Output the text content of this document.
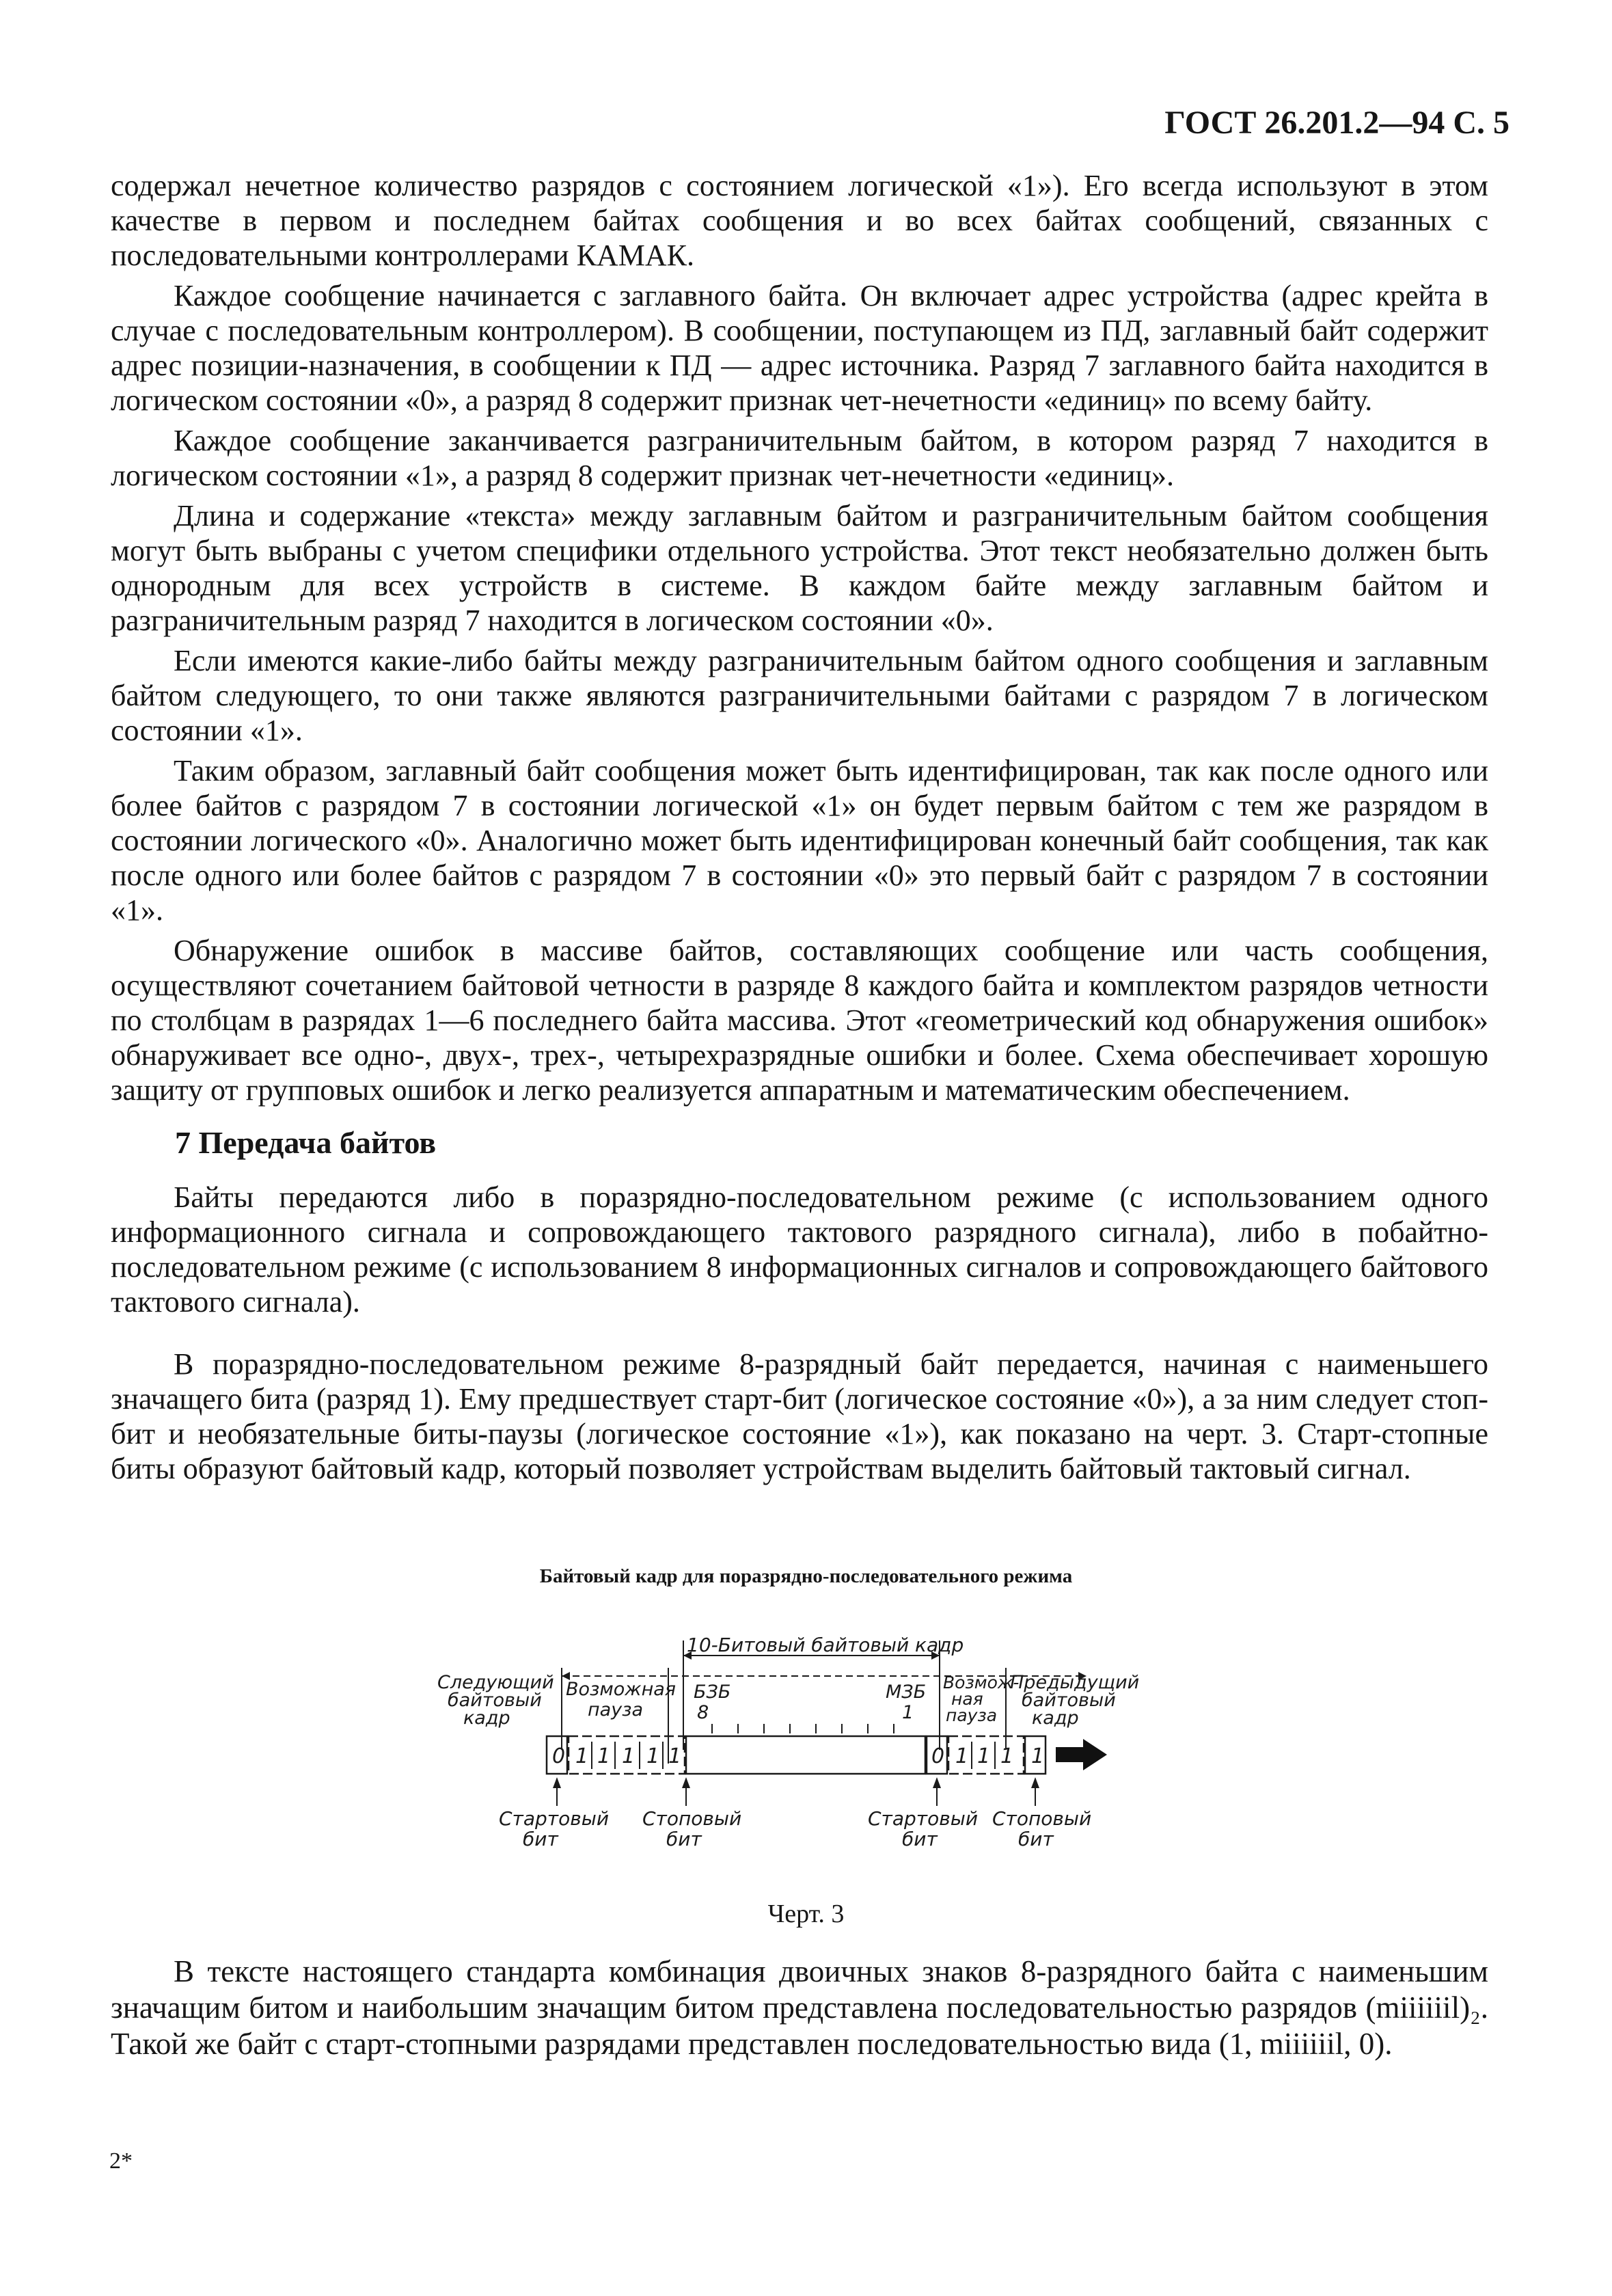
ГОСТ 26.201.2—94 С. 5

содержал нечетное количество разрядов с состоянием логической «1»). Его всегда используют в этом качестве в первом и последнем байтах сообщения и во всех байтах сообщений, связанных с последовательными контроллерами КАМАК.

Каждое сообщение начинается с заглавного байта. Он включает адрес устройства (адрес крейта в случае с последовательным контроллером). В сообщении, поступающем из ПД, заглавный байт содержит адрес позиции-назначения, в сообщении к ПД — адрес источника. Разряд 7 заглавного байта находится в логическом состоянии «0», а разряд 8 содержит признак чет-нечетности «единиц» по всему байту.

Каждое сообщение заканчивается разграничительным байтом, в котором разряд 7 находится в логическом состоянии «1», а разряд 8 содержит признак чет-нечетности «единиц».

Длина и содержание «текста» между заглавным байтом и разграничительным байтом сообщения могут быть выбраны с учетом специфики отдельного устройства. Этот текст необязательно должен быть однородным для всех устройств в системе. В каждом байте между заглавным байтом и разграничительным разряд 7 находится в логическом состоянии «0».

Если имеются какие-либо байты между разграничительным байтом одного сообщения и заглавным байтом следующего, то они также являются разграничительными байтами с разрядом 7 в логическом состоянии «1».

Таким образом, заглавный байт сообщения может быть идентифицирован, так как после одного или более байтов с разрядом 7 в состоянии логической «1» он будет первым байтом с тем же разрядом в состоянии логического «0». Аналогично может быть идентифицирован конечный байт сообщения, так как после одного или более байтов с разрядом 7 в состоянии «0» это первый байт с разрядом 7 в состоянии «1».

Обнаружение ошибок в массиве байтов, составляющих сообщение или часть сообщения, осуществляют сочетанием байтовой четности в разряде 8 каждого байта и комплектом разрядов четности по столбцам в разрядах 1—6 последнего байта массива. Этот «геометрический код обнаружения ошибок» обнаруживает все одно-, двух-, трех-, четырехразрядные ошибки и более. Схема обеспечивает хорошую защиту от групповых ошибок и легко реализуется аппаратным и математическим обеспечением.

7 Передача байтов

Байты передаются либо в поразрядно-последовательном режиме (с использованием одного информационного сигнала и сопровождающего тактового разрядного сигнала), либо в побайтно-последовательном режиме (с использованием 8 информационных сигналов и сопровождающего байтового тактового сигнала).

В поразрядно-последовательном режиме 8-разрядный байт передается, начиная с наименьшего значащего бита (разряд 1). Ему предшествует старт-бит (логическое состояние «0»), а за ним следует стоп-бит и необязательные биты-паузы (логическое состояние «1»), как показано на черт. 3. Старт-стопные биты образуют байтовый кадр, который позволяет устройствам выделить байтовый тактовый сигнал.

Байтовый кадр для поразрядно-последовательного режима
10-Битовый байтовый кадр
Следующий байтовый кадр
Возможная пауза
БЗБ 8
МЗБ 1
Возмож- ная пауза
Предыдущий байтовый кадр
0 1 1 1 1 1	0 1 1 1 1
Стартовый бит
Стоповый бит
Стартовый бит
Стоповый бит
Черт. 3

В тексте настоящего стандарта комбинация двоичных знаков 8-разрядного байта с наименьшим значащим битом и наибольшим значащим битом представлена последовательностью разрядов (miiiiiil)₂. Такой же байт с старт-стопными разрядами представлен последовательностью вида (1, miiiiiil, 0).

2*
